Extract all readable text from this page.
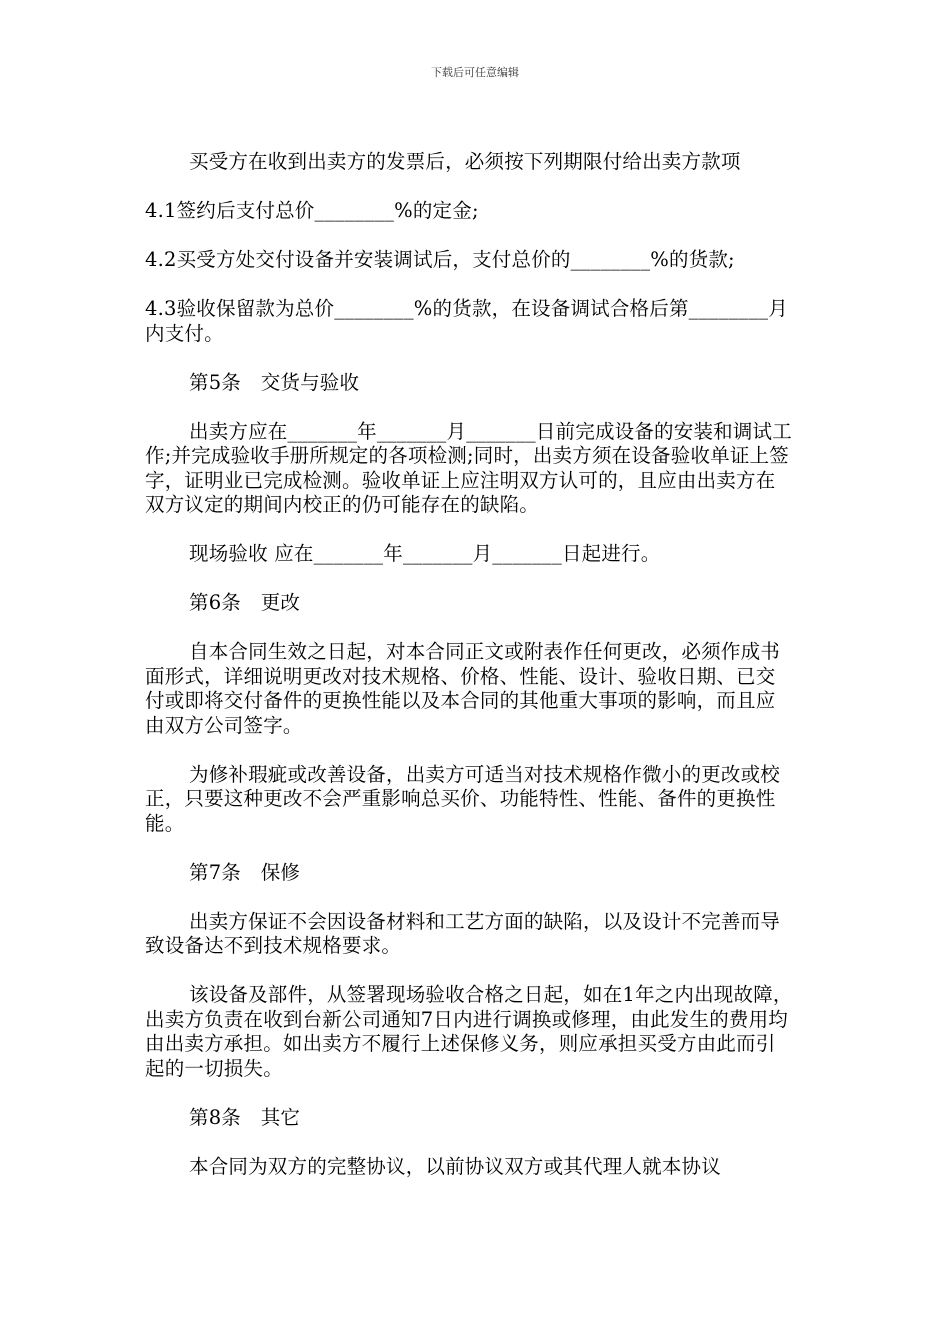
下载后可任意编辑

买受方在收到出卖方的发票后，必须按下列期限付给出卖方款项

4.1签约后支付总价________%的定金;

4.2买受方处交付设备并安装调试后，支付总价的________%的货款;

4.3验收保留款为总价________%的货款，在设备调试合格后第________月内支付。

第5条　交货与验收

出卖方应在_______年_______月_______日前完成设备的安装和调试工作;并完成验收手册所规定的各项检测;同时，出卖方须在设备验收单证上签字，证明业已完成检测。验收单证上应注明双方认可的，且应由出卖方在双方议定的期间内校正的仍可能存在的缺陷。

现场验收 应在_______年_______月_______日起进行。

第6条　更改

自本合同生效之日起，对本合同正文或附表作任何更改，必须作成书面形式，详细说明更改对技术规格、价格、性能、设计、验收日期、已交付或即将交付备件的更换性能以及本合同的其他重大事项的影响，而且应由双方公司签字。

为修补瑕疵或改善设备，出卖方可适当对技术规格作微小的更改或校正，只要这种更改不会严重影响总买价、功能特性、性能、备件的更换性能。

第7条　保修

出卖方保证不会因设备材料和工艺方面的缺陷，以及设计不完善而导致设备达不到技术规格要求。

该设备及部件，从签署现场验收合格之日起，如在1年之内出现故障，出卖方负责在收到台新公司通知7日内进行调换或修理，由此发生的费用均由出卖方承担。如出卖方不履行上述保修义务，则应承担买受方由此而引起的一切损失。

第8条　其它

本合同为双方的完整协议，以前协议双方或其代理人就本协议
